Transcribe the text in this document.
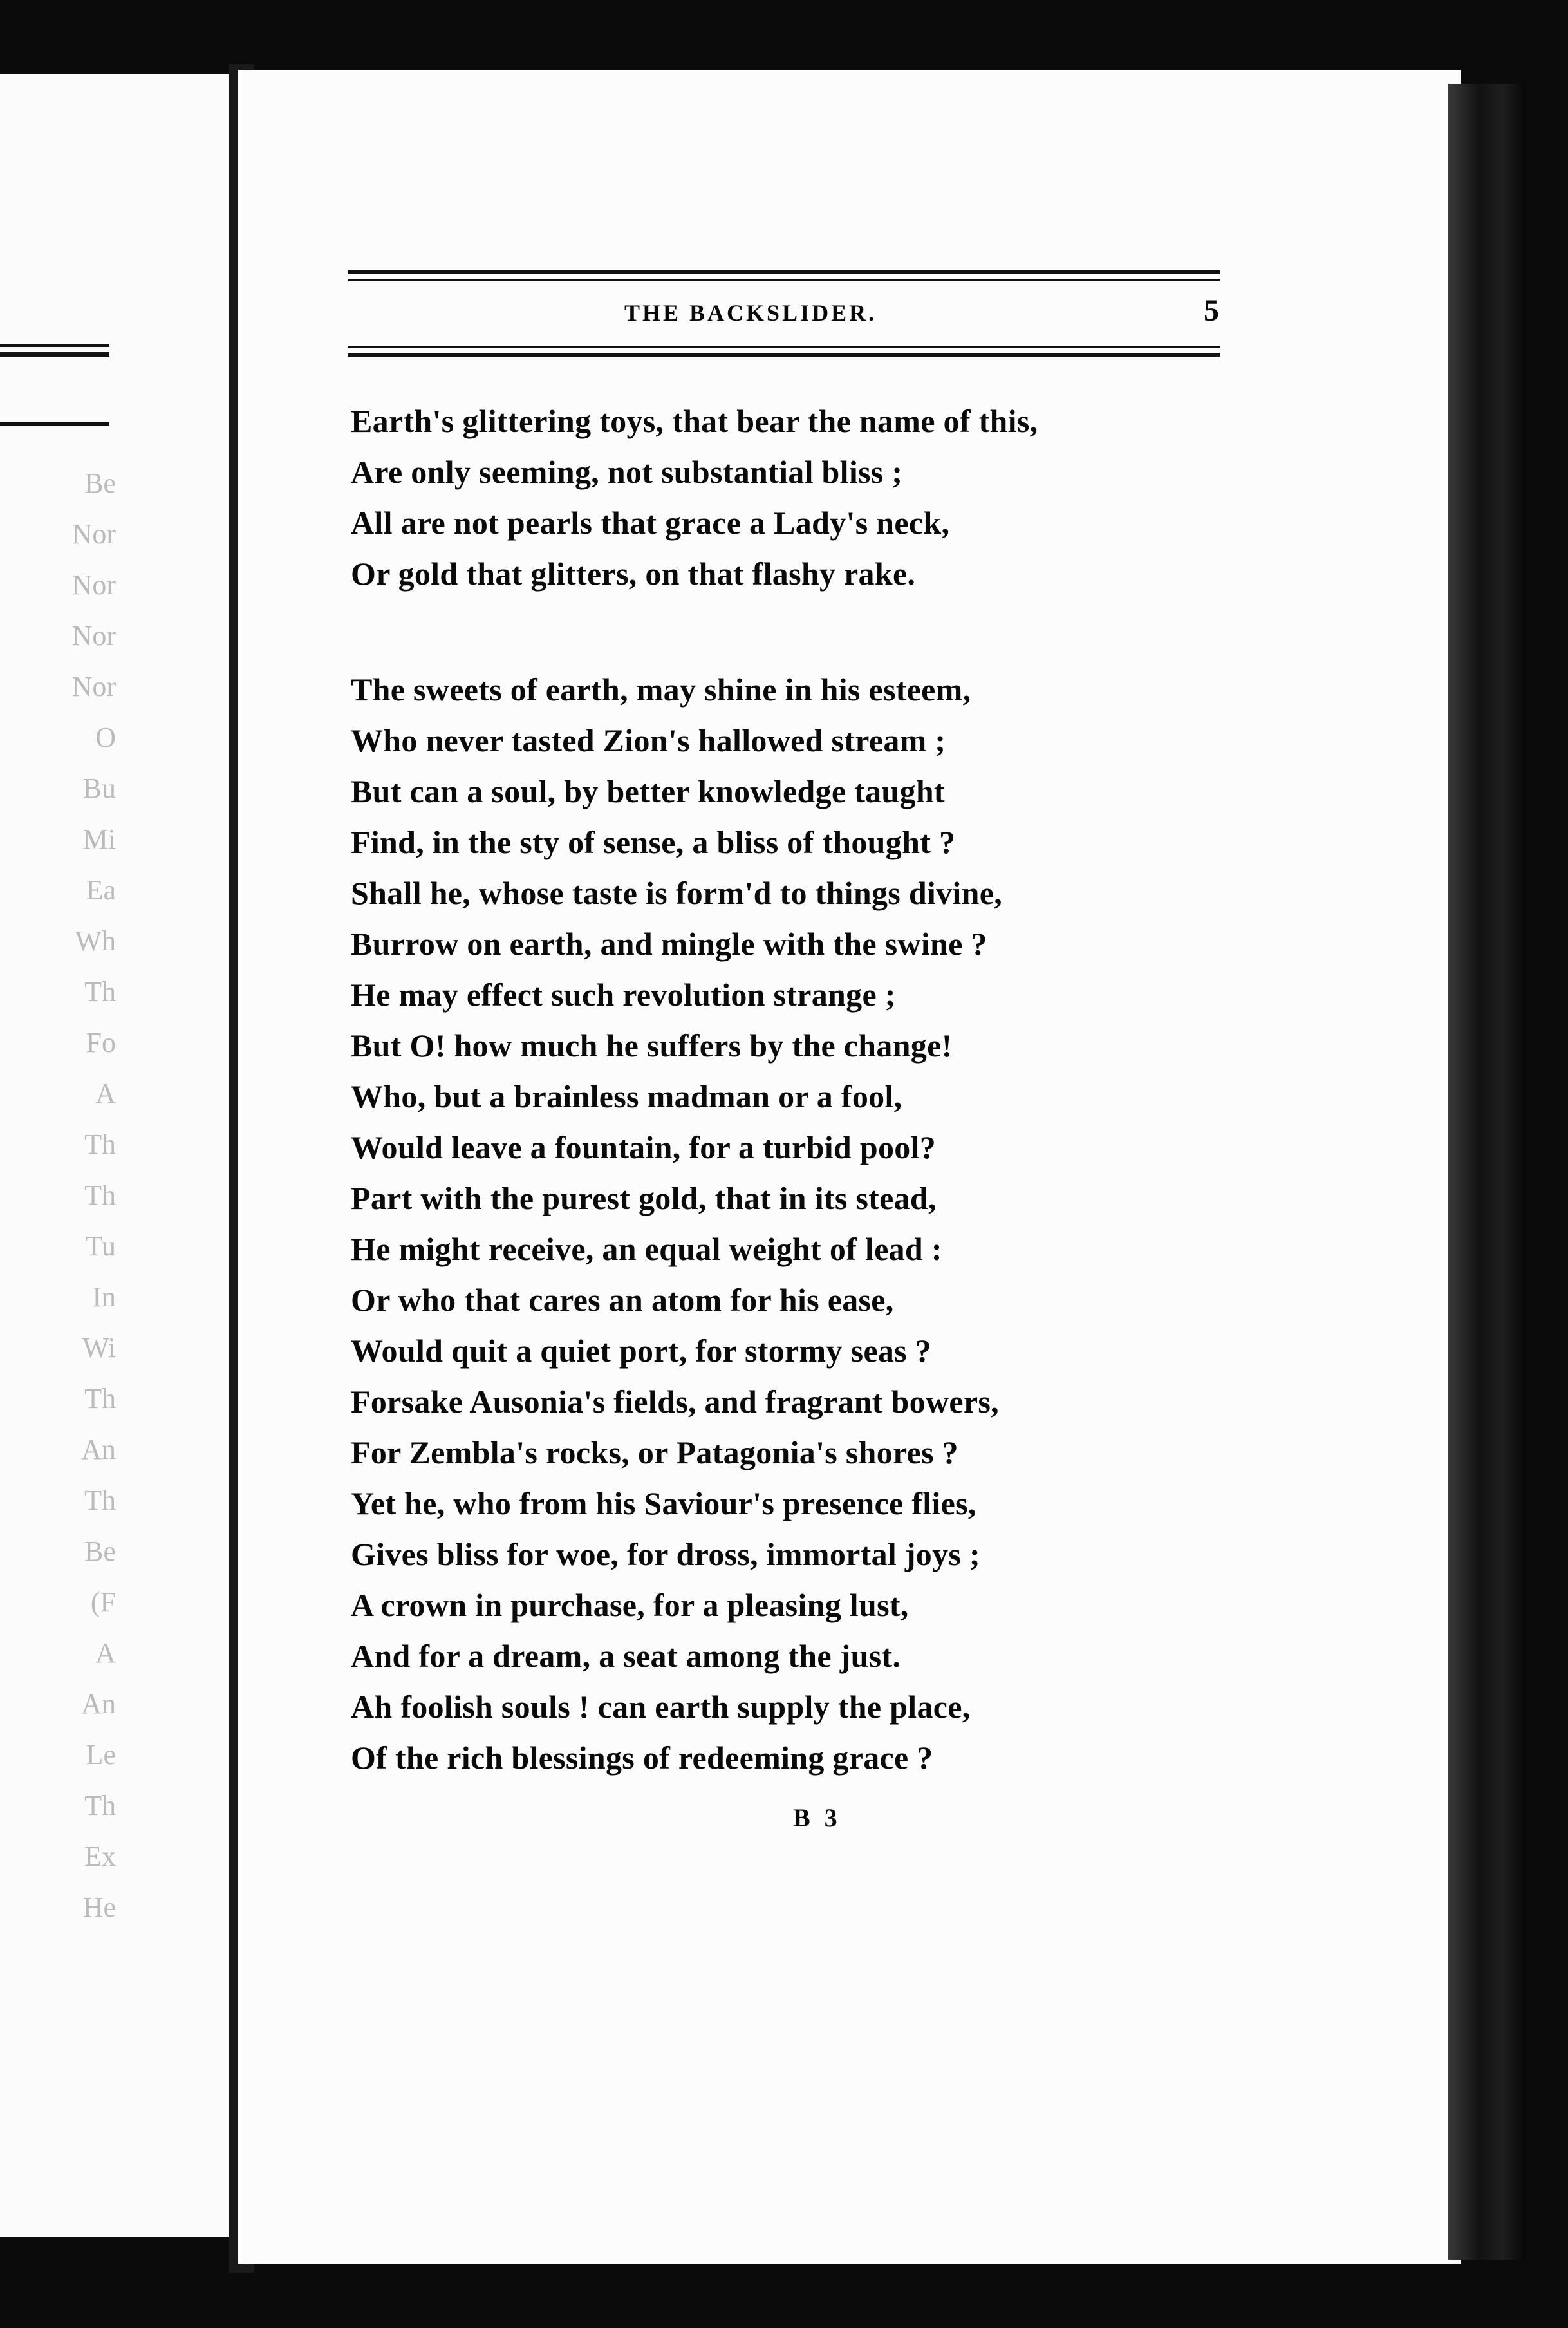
Be
Nor
Nor
Nor
Nor
O
Bu
Mi
Ea
Wh
Th
Fo
A
Th
Th
Tu
In
Wi
Th
An
Th
Be
(F
A
An
Le
Th
Ex
He
THE BACKSLIDER.	5
Earth's glittering toys, that bear the name of this,
Are only seeming, not substantial bliss ;
All are not pearls that grace a Lady's neck,
Or gold that glitters, on that flashy rake.
The sweets of earth, may shine in his esteem,
Who never tasted Zion's hallowed stream ;
But can a soul, by better knowledge taught
Find, in the sty of sense, a bliss of thought ?
Shall he, whose taste is form'd to things divine,
Burrow on earth, and mingle with the swine ?
He may effect such revolution strange ;
But O! how much he suffers by the change!
Who, but a brainless madman or a fool,
Would leave a fountain, for a turbid pool?
Part with the purest gold, that in its stead,
He might receive, an equal weight of lead :
Or who that cares an atom for his ease,
Would quit a quiet port, for stormy seas ?
Forsake Ausonia's fields, and fragrant bowers,
For Zembla's rocks, or Patagonia's shores ?
Yet he, who from his Saviour's presence flies,
Gives bliss for woe, for dross, immortal joys ;
A crown in purchase, for a pleasing lust,
And for a dream, a seat among the just.
Ah foolish souls ! can earth supply the place,
Of the rich blessings of redeeming grace ?
B 3
